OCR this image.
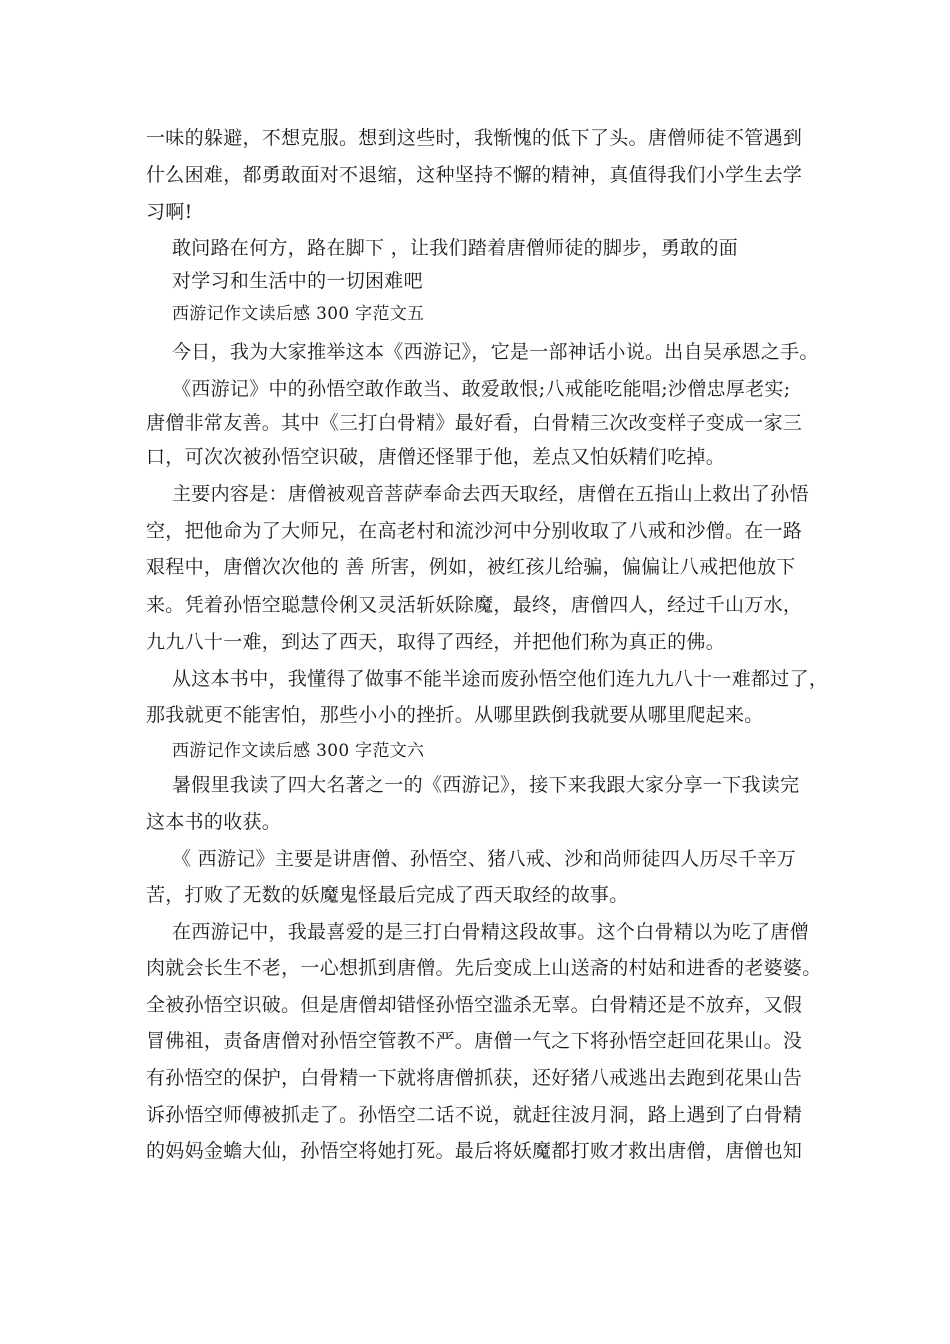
一味的躲避，不想克服。想到这些时，我惭愧的低下了头。唐僧师徒不管遇到
什么困难，都勇敢面对不退缩，这种坚持不懈的精神，真值得我们小学生去学
习啊!
敢问路在何方，路在脚下 ，让我们踏着唐僧师徒的脚步，勇敢的面
对学习和生活中的一切困难吧
西游记作文读后感 300 字范文五
今日，我为大家推举这本《西游记》，它是一部神话小说。出自吴承恩之手。
《西游记》中的孙悟空敢作敢当、敢爱敢恨;八戒能吃能唱;沙僧忠厚老实;
唐僧非常友善。其中《三打白骨精》最好看，白骨精三次改变样子变成一家三
口，可次次被孙悟空识破，唐僧还怪罪于他，差点又怕妖精们吃掉。
主要内容是：唐僧被观音菩萨奉命去西天取经，唐僧在五指山上救出了孙悟
空，把他命为了大师兄，在高老村和流沙河中分别收取了八戒和沙僧。在一路
艰程中，唐僧次次他的 善 所害，例如，被红孩儿给骗，偏偏让八戒把他放下
来。凭着孙悟空聪慧伶俐又灵活斩妖除魔，最终，唐僧四人，经过千山万水，
九九八十一难，到达了西天，取得了西经，并把他们称为真正的佛。
从这本书中，我懂得了做事不能半途而废孙悟空他们连九九八十一难都过了，
那我就更不能害怕，那些小小的挫折。从哪里跌倒我就要从哪里爬起来。
西游记作文读后感 300 字范文六
暑假里我读了四大名著之一的《西游记》，接下来我跟大家分享一下我读完
这本书的收获。
《 西游记》主要是讲唐僧、孙悟空、猪八戒、沙和尚师徒四人历尽千辛万
苦，打败了无数的妖魔鬼怪最后完成了西天取经的故事。
在西游记中，我最喜爱的是三打白骨精这段故事。这个白骨精以为吃了唐僧
肉就会长生不老，一心想抓到唐僧。先后变成上山送斋的村姑和进香的老婆婆。
全被孙悟空识破。但是唐僧却错怪孙悟空滥杀无辜。白骨精还是不放弃，又假
冒佛祖，责备唐僧对孙悟空管教不严。唐僧一气之下将孙悟空赶回花果山。没
有孙悟空的保护，白骨精一下就将唐僧抓获，还好猪八戒逃出去跑到花果山告
诉孙悟空师傅被抓走了。孙悟空二话不说，就赶往波月洞，路上遇到了白骨精
的妈妈金蟾大仙，孙悟空将她打死。最后将妖魔都打败才救出唐僧，唐僧也知
